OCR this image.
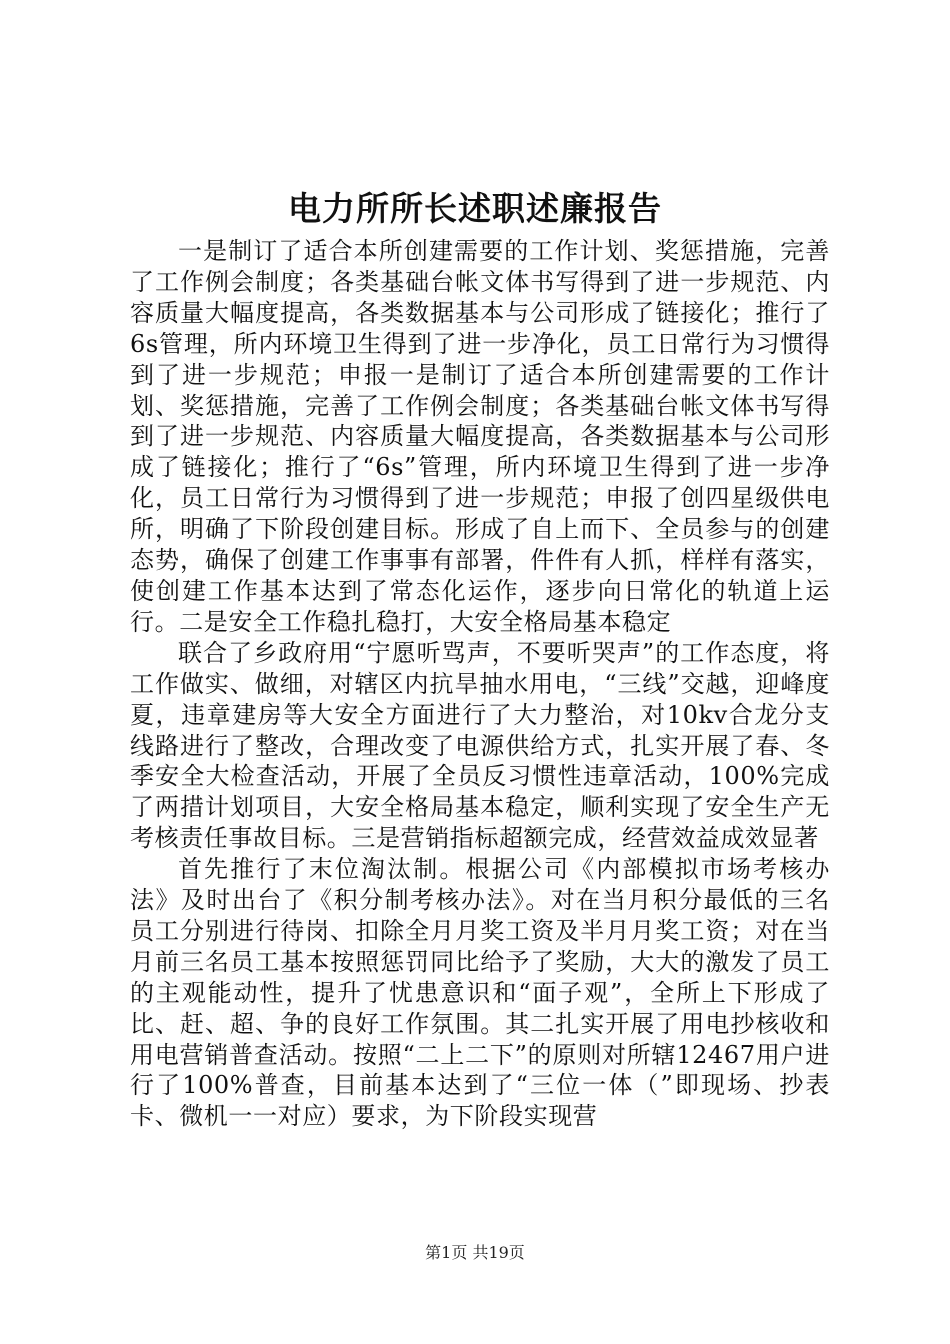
电力所所长述职述廉报告

一是制订了适合本所创建需要的工作计划、奖惩措施，完善了工作例会制度；各类基础台帐文体书写得到了进一步规范、内容质量大幅度提高，各类数据基本与公司形成了链接化；推行了6s管理，所内环境卫生得到了进一步净化，员工日常行为习惯得到了进一步规范；申报一是制订了适合本所创建需要的工作计划、奖惩措施，完善了工作例会制度；各类基础台帐文体书写得到了进一步规范、内容质量大幅度提高，各类数据基本与公司形成了链接化；推行了“6s”管理，所内环境卫生得到了进一步净化，员工日常行为习惯得到了进一步规范；申报了创四星级供电所，明确了下阶段创建目标。形成了自上而下、全员参与的创建态势，确保了创建工作事事有部署，件件有人抓，样样有落实，使创建工作基本达到了常态化运作，逐步向日常化的轨道上运行。二是安全工作稳扎稳打，大安全格局基本稳定

联合了乡政府用“宁愿听骂声，不要听哭声”的工作态度，将工作做实、做细，对辖区内抗旱抽水用电，“三线”交越，迎峰度夏，违章建房等大安全方面进行了大力整治，对10kv合龙分支线路进行了整改，合理改变了电源供给方式，扎实开展了春、冬季安全大检查活动，开展了全员反习惯性违章活动，100%完成了两措计划项目，大安全格局基本稳定，顺利实现了安全生产无考核责任事故目标。三是营销指标超额完成，经营效益成效显著

首先推行了末位淘汰制。根据公司《内部模拟市场考核办法》及时出台了《积分制考核办法》。对在当月积分最低的三名员工分别进行待岗、扣除全月月奖工资及半月月奖工资；对在当月前三名员工基本按照惩罚同比给予了奖励，大大的激发了员工的主观能动性，提升了忧患意识和“面子观”，全所上下形成了比、赶、超、争的良好工作氛围。其二扎实开展了用电抄核收和用电营销普查活动。按照“二上二下”的原则对所辖12467用户进行了100%普查，目前基本达到了“三位一体（”即现场、抄表卡、微机一一对应）要求，为下阶段实现营

第1页 共19页
